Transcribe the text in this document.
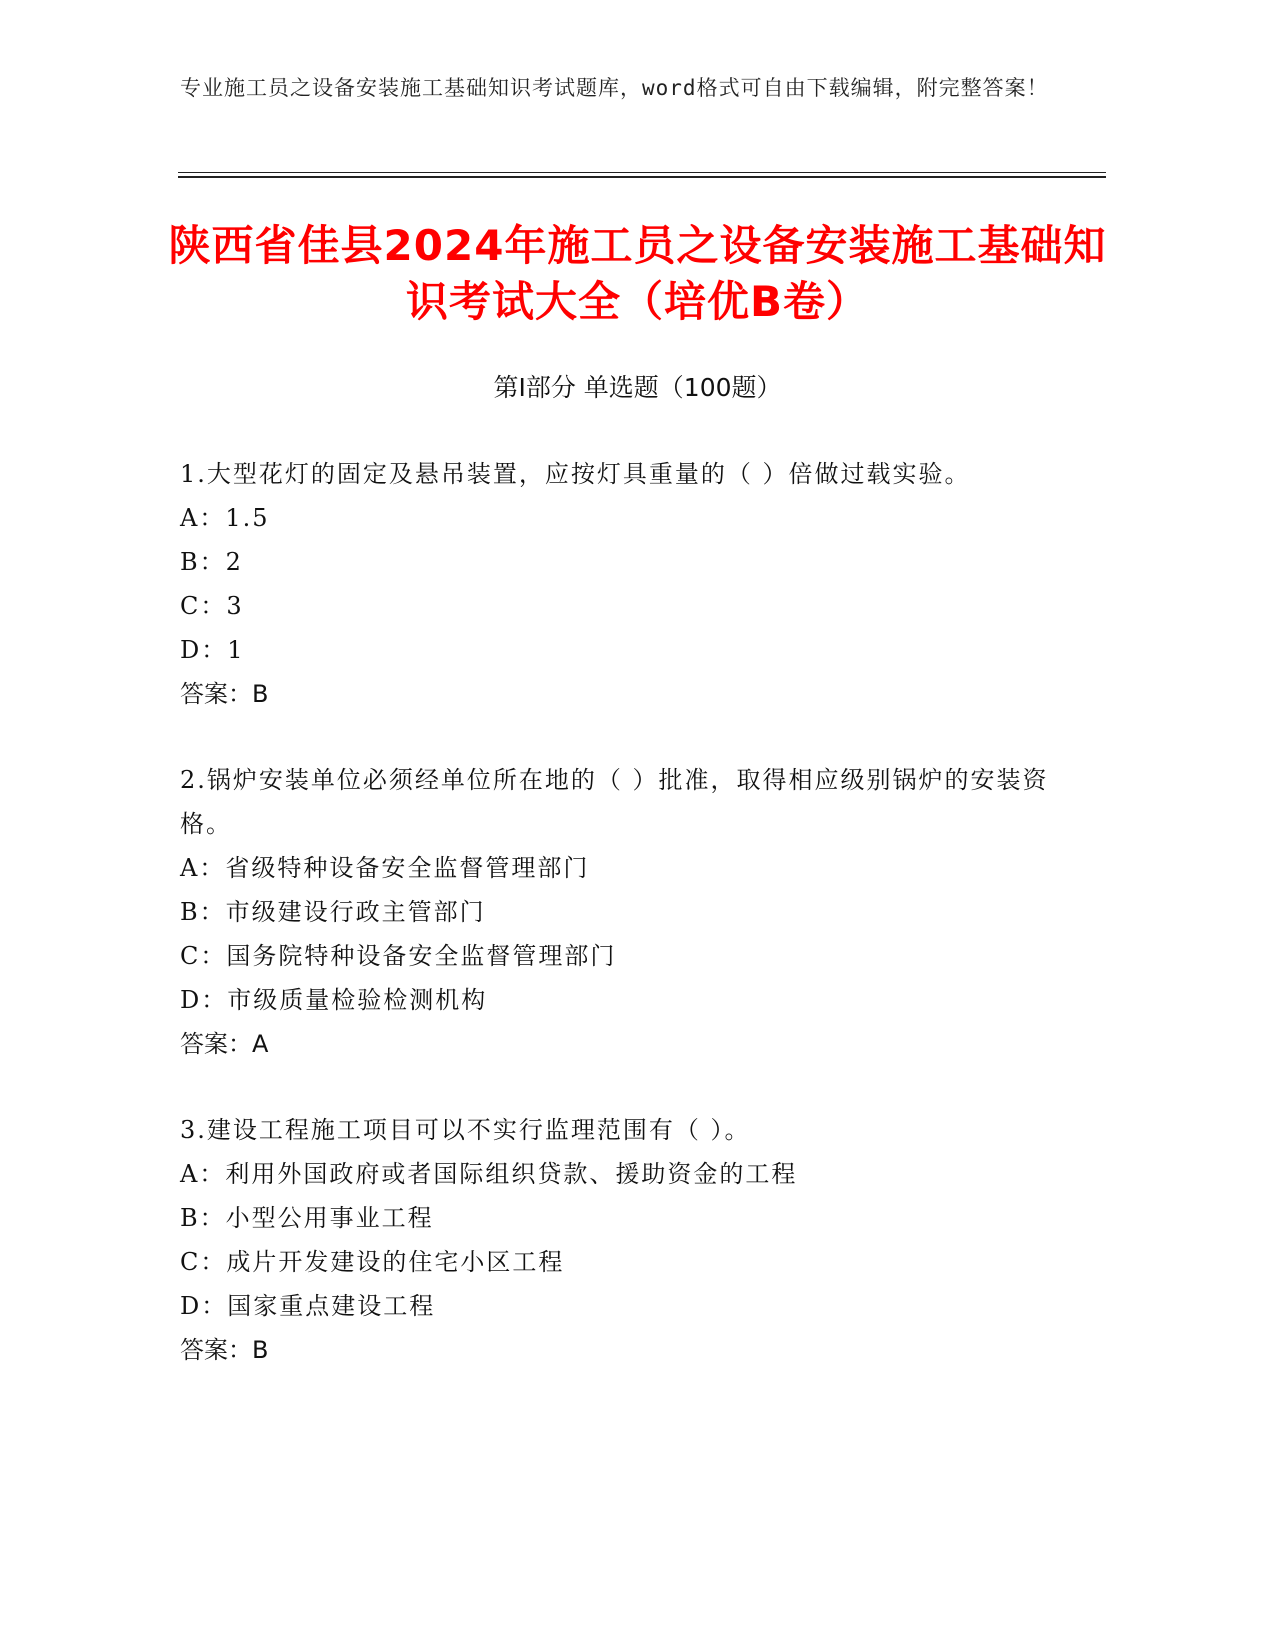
专业施工员之设备安装施工基础知识考试题库，word格式可自由下载编辑，附完整答案！
陕西省佳县2024年施工员之设备安装施工基础知识考试大全（培优B卷）
第I部分 单选题（100题）
1.大型花灯的固定及悬吊装置，应按灯具重量的（ ）倍做过载实验。
A：1.5
B：2
C：3
D：1
答案：B
2.锅炉安装单位必须经单位所在地的（ ）批准，取得相应级别锅炉的安装资格。
A：省级特种设备安全监督管理部门
B：市级建设行政主管部门
C：国务院特种设备安全监督管理部门
D：市级质量检验检测机构
答案：A
3.建设工程施工项目可以不实行监理范围有（ ）。
A：利用外国政府或者国际组织贷款、援助资金的工程
B：小型公用事业工程
C：成片开发建设的住宅小区工程
D：国家重点建设工程
答案：B
